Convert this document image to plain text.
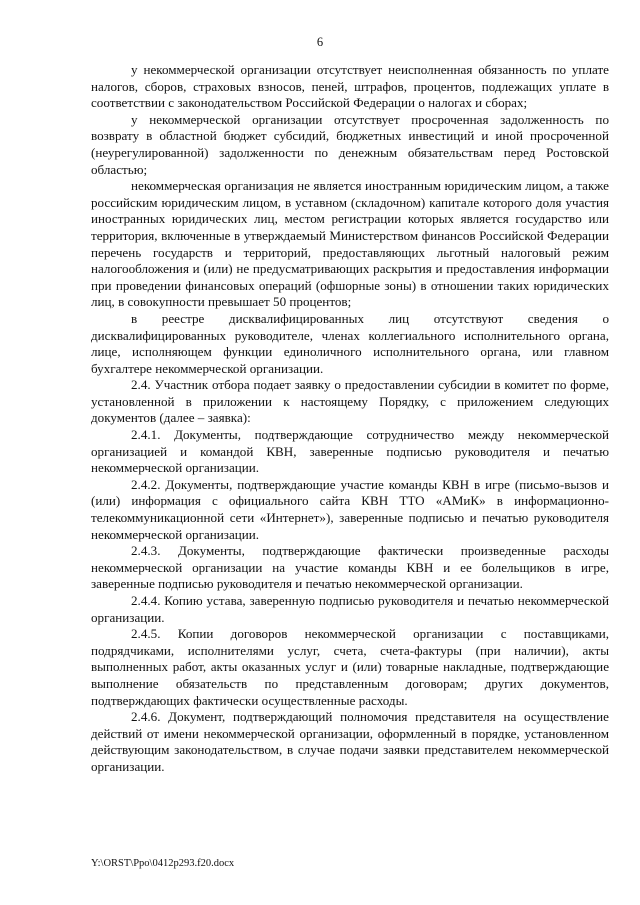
6

у некоммерческой организации отсутствует неисполненная обязанность по уплате налогов, сборов, страховых взносов, пеней, штрафов, процентов, подлежащих уплате в соответствии с законодательством Российской Федерации о налогах и сборах;

у некоммерческой организации отсутствует просроченная задолженность по возврату в областной бюджет субсидий, бюджетных инвестиций и иной просроченной (неурегулированной) задолженности по денежным обязательствам перед Ростовской областью;

некоммерческая организация не является иностранным юридическим лицом, а также российским юридическим лицом, в уставном (складочном) капитале которого доля участия иностранных юридических лиц, местом регистрации которых является государство или территория, включенные в утверждаемый Министерством финансов Российской Федерации перечень государств и территорий, предоставляющих льготный налоговый режим налогообложения и (или) не предусматривающих раскрытия и предоставления информации при проведении финансовых операций (офшорные зоны) в отношении таких юридических лиц, в совокупности превышает 50 процентов;

в реестре дисквалифицированных лиц отсутствуют сведения о дисквалифицированных руководителе, членах коллегиального исполнительного органа, лице, исполняющем функции единоличного исполнительного органа, или главном бухгалтере некоммерческой организации.

2.4. Участник отбора подает заявку о предоставлении субсидии в комитет по форме, установленной в приложении к настоящему Порядку, с приложением следующих документов (далее – заявка):

2.4.1. Документы, подтверждающие сотрудничество между некоммерческой организацией и командой КВН, заверенные подписью руководителя и печатью некоммерческой организации.

2.4.2. Документы, подтверждающие участие команды КВН в игре (письмо-вызов и (или) информация с официального сайта КВН ТТО «АМиК» в информационно-телекоммуникационной сети «Интернет»), заверенные подписью и печатью руководителя некоммерческой организации.

2.4.3. Документы, подтверждающие фактически произведенные расходы некоммерческой организации на участие команды КВН и ее болельщиков в игре, заверенные подписью руководителя и печатью некоммерческой организации.

2.4.4. Копию устава, заверенную подписью руководителя и печатью некоммерческой организации.

2.4.5. Копии договоров некоммерческой организации с поставщиками, подрядчиками, исполнителями услуг, счета, счета-фактуры (при наличии), акты выполненных работ, акты оказанных услуг и (или) товарные накладные, подтверждающие выполнение обязательств по представленным договорам; других документов, подтверждающих фактически осуществленные расходы.

2.4.6. Документ, подтверждающий полномочия представителя на осуществление действий от имени некоммерческой организации, оформленный в порядке, установленном действующим законодательством, в случае подачи заявки представителем некоммерческой организации.

Y:\ORST\Ppo\0412p293.f20.docx
